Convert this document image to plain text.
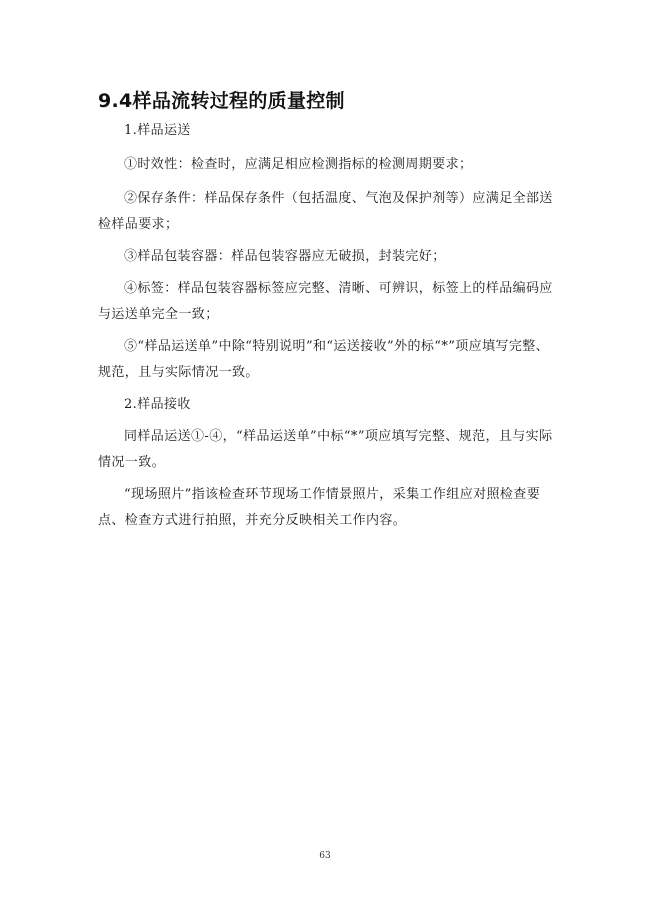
9.4样品流转过程的质量控制
1.样品运送
①时效性：检查时，应满足相应检测指标的检测周期要求；
②保存条件：样品保存条件（包括温度、气泡及保护剂等）应满足全部送检样品要求；
③样品包装容器：样品包装容器应无破损，封装完好；
④标签：样品包装容器标签应完整、清晰、可辨识，标签上的样品编码应与运送单完全一致；
⑤“样品运送单”中除“特别说明”和“运送接收”外的标“*”项应填写完整、规范，且与实际情况一致。
2.样品接收
同样品运送①-④，“样品运送单”中标“*”项应填写完整、规范，且与实际情况一致。
“现场照片”指该检查环节现场工作情景照片，采集工作组应对照检查要点、检查方式进行拍照，并充分反映相关工作内容。
63
